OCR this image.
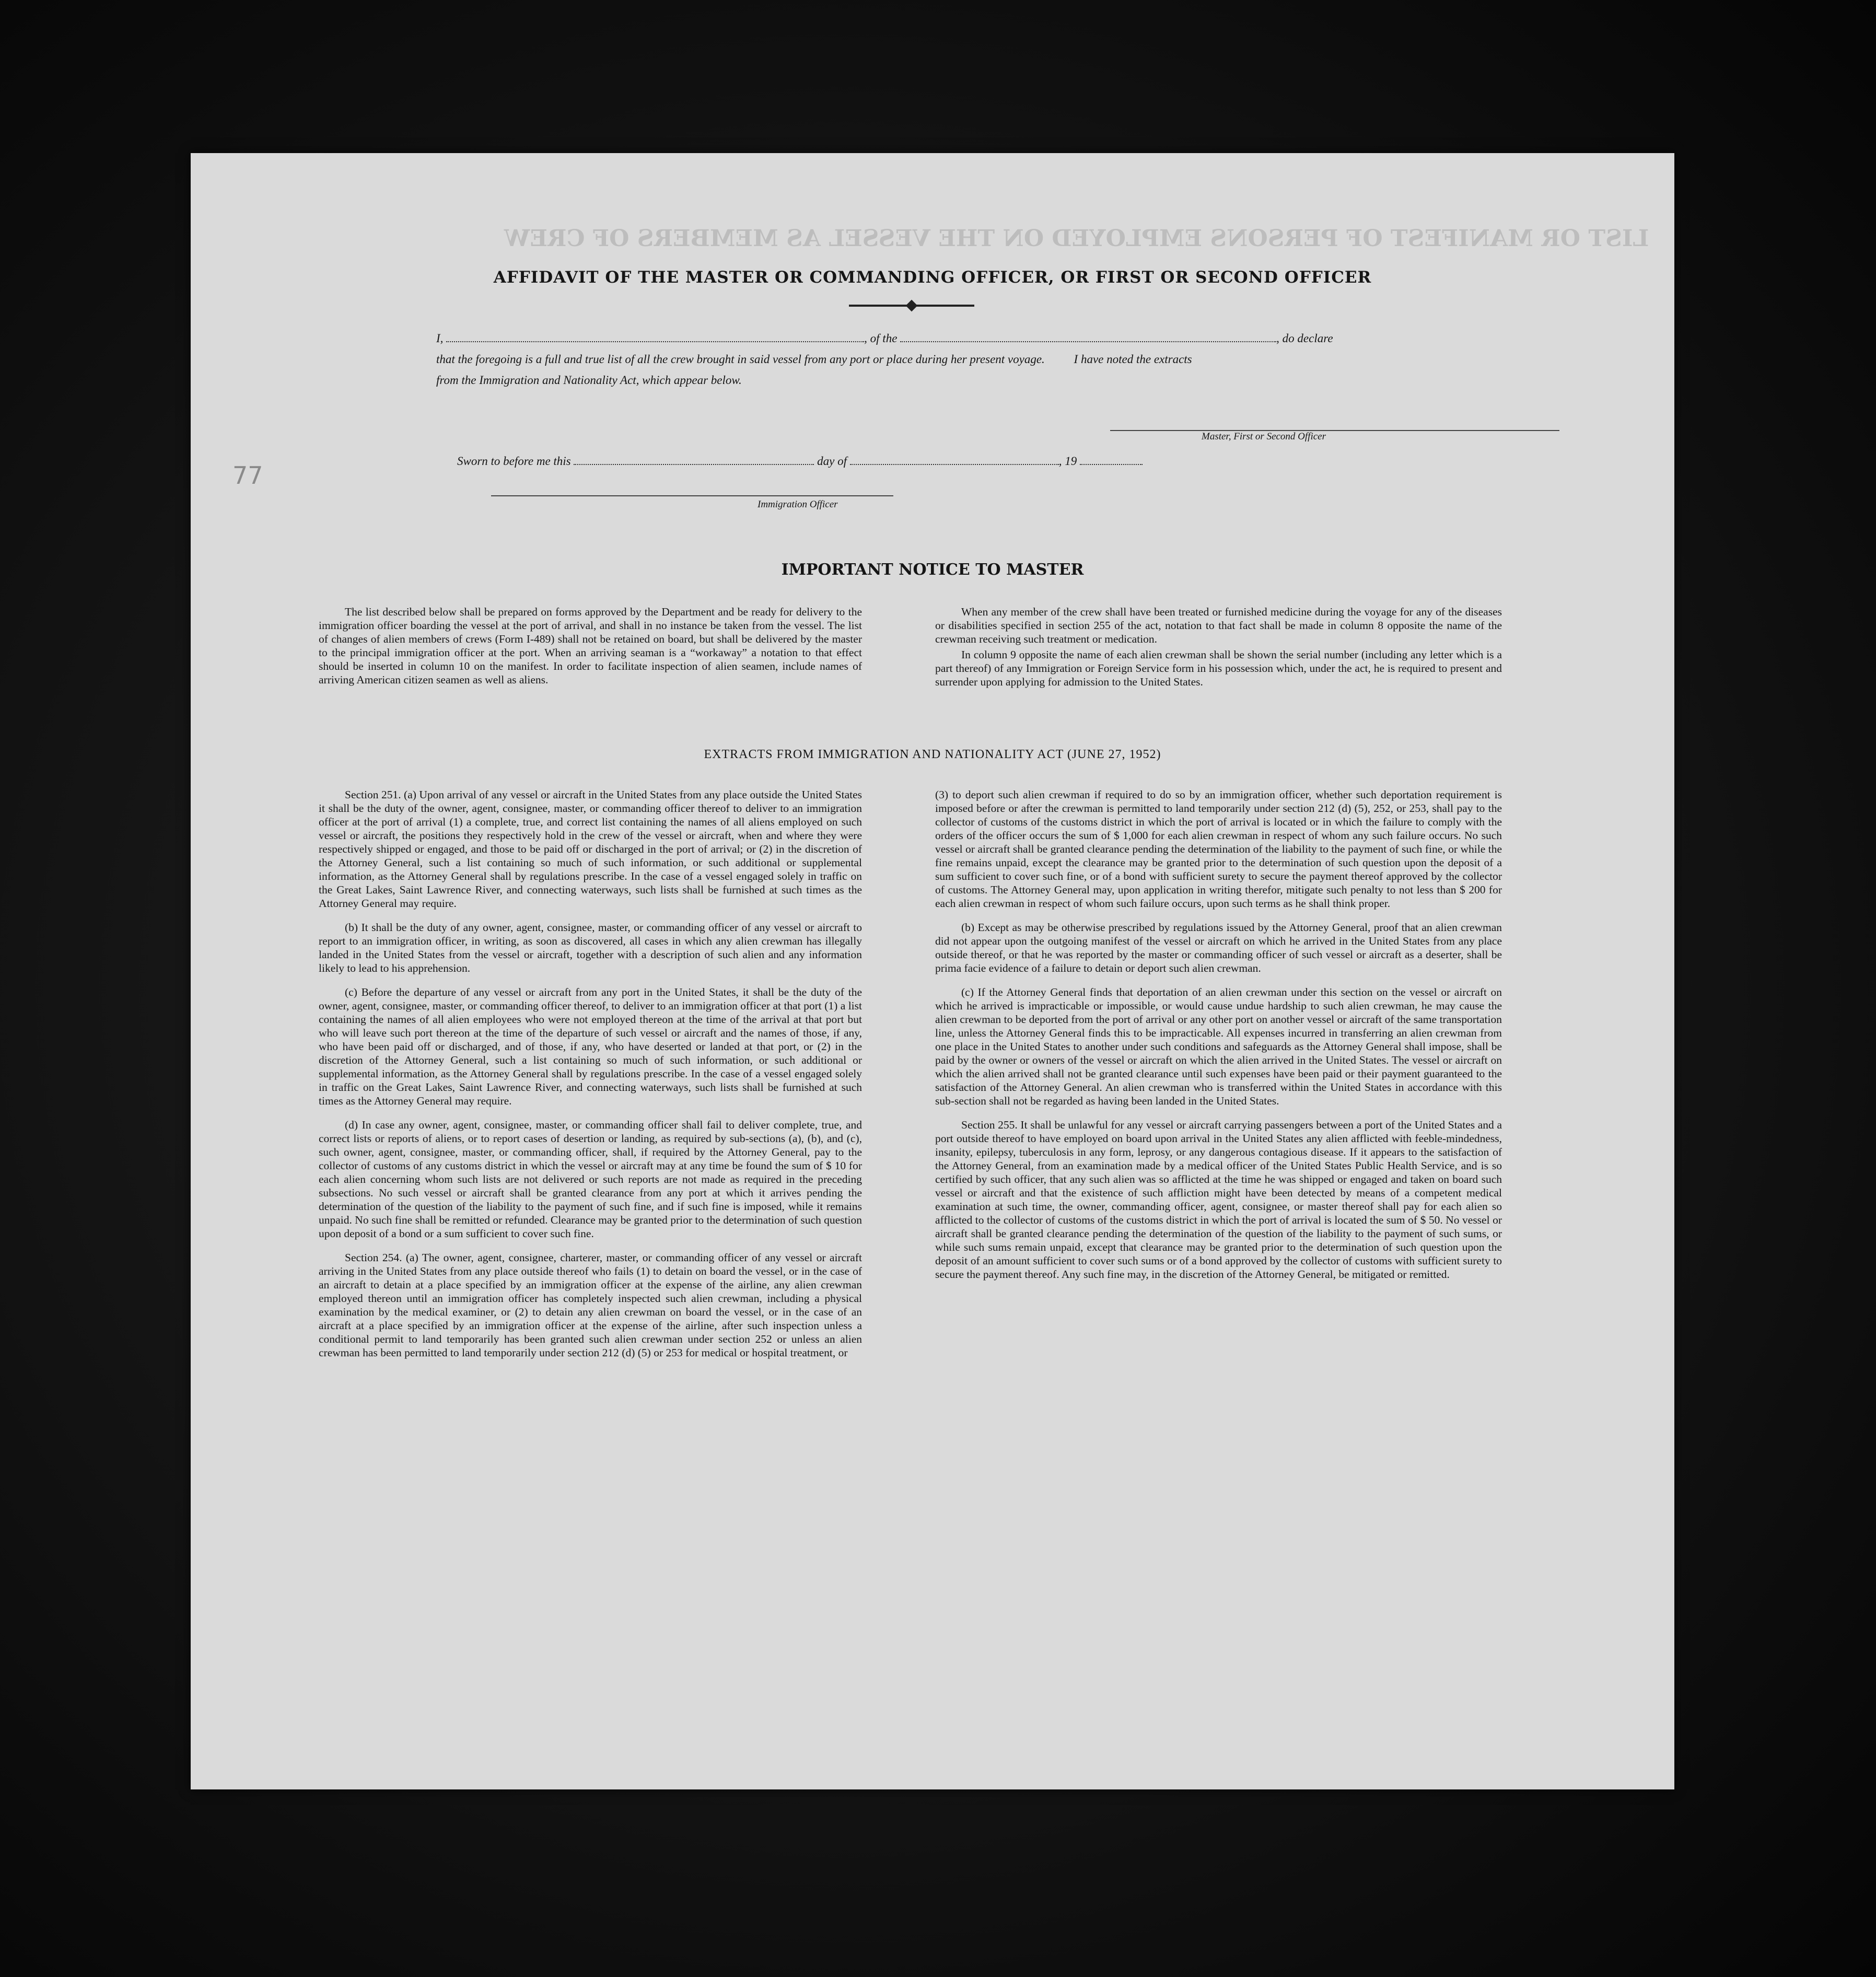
LIST OR MANIFEST OF PERSONS EMPLOYED ON THE VESSEL AS MEMBERS OF CREW
77
AFFIDAVIT OF THE MASTER OR COMMANDING OFFICER, OR FIRST OR SECOND OFFICER
I,	, of the	, do declare
that the foregoing is a full and true list of all the crew brought in said vessel from any port or place during her present voyage. I have noted the extracts
from the Immigration and Nationality Act, which appear below.
Master, First or Second Officer
Sworn to before me this	day of	, 19
Immigration Officer
IMPORTANT NOTICE TO MASTER

The list described below shall be prepared on forms approved by the Department and be ready for delivery to the immigration officer boarding the vessel at the port of arrival, and shall in no instance be taken from the vessel. The list of changes of alien members of crews (Form I-489) shall not be retained on board, but shall be delivered by the master to the principal immigration officer at the port. When an arriving seaman is a “workaway” a notation to that effect should be inserted in column 10 on the manifest. In order to facilitate inspection of alien seamen, include names of arriving American citizen seamen as well as aliens.

When any member of the crew shall have been treated or furnished medicine during the voyage for any of the diseases or disabilities specified in section 255 of the act, notation to that fact shall be made in column 8 opposite the name of the crewman receiving such treatment or medication.

In column 9 opposite the name of each alien crewman shall be shown the serial number (including any letter which is a part thereof) of any Immigration or Foreign Service form in his possession which, under the act, he is required to present and surrender upon applying for admission to the United States.

EXTRACTS FROM IMMIGRATION AND NATIONALITY ACT (JUNE 27, 1952)

Section 251. (a) Upon arrival of any vessel or aircraft in the United States from any place outside the United States it shall be the duty of the owner, agent, consignee, master, or commanding officer thereof to deliver to an immigration officer at the port of arrival (1) a complete, true, and correct list containing the names of all aliens employed on such vessel or aircraft, the positions they respectively hold in the crew of the vessel or aircraft, when and where they were respectively shipped or engaged, and those to be paid off or discharged in the port of arrival; or (2) in the discretion of the Attorney General, such a list containing so much of such information, or such additional or supplemental information, as the Attorney General shall by regulations prescribe. In the case of a vessel engaged solely in traffic on the Great Lakes, Saint Lawrence River, and connecting waterways, such lists shall be furnished at such times as the Attorney General may require.

(b) It shall be the duty of any owner, agent, consignee, master, or commanding officer of any vessel or aircraft to report to an immigration officer, in writing, as soon as discovered, all cases in which any alien crewman has illegally landed in the United States from the vessel or aircraft, together with a description of such alien and any information likely to lead to his apprehension.

(c) Before the departure of any vessel or aircraft from any port in the United States, it shall be the duty of the owner, agent, consignee, master, or commanding officer thereof, to deliver to an immigration officer at that port (1) a list containing the names of all alien employees who were not employed thereon at the time of the arrival at that port but who will leave such port thereon at the time of the departure of such vessel or aircraft and the names of those, if any, who have been paid off or discharged, and of those, if any, who have deserted or landed at that port, or (2) in the discretion of the Attorney General, such a list containing so much of such information, or such additional or supplemental information, as the Attorney General shall by regulations prescribe. In the case of a vessel engaged solely in traffic on the Great Lakes, Saint Lawrence River, and connecting waterways, such lists shall be furnished at such times as the Attorney General may require.

(d) In case any owner, agent, consignee, master, or commanding officer shall fail to deliver complete, true, and correct lists or reports of aliens, or to report cases of desertion or landing, as required by sub-sections (a), (b), and (c), such owner, agent, consignee, master, or commanding officer, shall, if required by the Attorney General, pay to the collector of customs of any customs district in which the vessel or aircraft may at any time be found the sum of $ 10 for each alien concerning whom such lists are not delivered or such reports are not made as required in the preceding subsections. No such vessel or aircraft shall be granted clearance from any port at which it arrives pending the determination of the question of the liability to the payment of such fine, and if such fine is imposed, while it remains unpaid. No such fine shall be remitted or refunded. Clearance may be granted prior to the determination of such question upon deposit of a bond or a sum sufficient to cover such fine.

Section 254. (a) The owner, agent, consignee, charterer, master, or commanding officer of any vessel or aircraft arriving in the United States from any place outside thereof who fails (1) to detain on board the vessel, or in the case of an aircraft to detain at a place specified by an immigration officer at the expense of the airline, any alien crewman employed thereon until an immigration officer has completely inspected such alien crewman, including a physical examination by the medical examiner, or (2) to detain any alien crewman on board the vessel, or in the case of an aircraft at a place specified by an immigration officer at the expense of the airline, after such inspection unless a conditional permit to land temporarily has been granted such alien crewman under section 252 or unless an alien crewman has been permitted to land temporarily under section 212 (d) (5) or 253 for medical or hospital treatment, or

(3) to deport such alien crewman if required to do so by an immigration officer, whether such deportation requirement is imposed before or after the crewman is permitted to land temporarily under section 212 (d) (5), 252, or 253, shall pay to the collector of customs of the customs district in which the port of arrival is located or in which the failure to comply with the orders of the officer occurs the sum of $ 1,000 for each alien crewman in respect of whom any such failure occurs. No such vessel or aircraft shall be granted clearance pending the determination of the liability to the payment of such fine, or while the fine remains unpaid, except the clearance may be granted prior to the determination of such question upon the deposit of a sum sufficient to cover such fine, or of a bond with sufficient surety to secure the payment thereof approved by the collector of customs. The Attorney General may, upon application in writing therefor, mitigate such penalty to not less than $ 200 for each alien crewman in respect of whom such failure occurs, upon such terms as he shall think proper.

(b) Except as may be otherwise prescribed by regulations issued by the Attorney General, proof that an alien crewman did not appear upon the outgoing manifest of the vessel or aircraft on which he arrived in the United States from any place outside thereof, or that he was reported by the master or commanding officer of such vessel or aircraft as a deserter, shall be prima facie evidence of a failure to detain or deport such alien crewman.

(c) If the Attorney General finds that deportation of an alien crewman under this section on the vessel or aircraft on which he arrived is impracticable or impossible, or would cause undue hardship to such alien crewman, he may cause the alien crewman to be deported from the port of arrival or any other port on another vessel or aircraft of the same transportation line, unless the Attorney General finds this to be impracticable. All expenses incurred in transferring an alien crewman from one place in the United States to another under such conditions and safeguards as the Attorney General shall impose, shall be paid by the owner or owners of the vessel or aircraft on which the alien arrived in the United States. The vessel or aircraft on which the alien arrived shall not be granted clearance until such expenses have been paid or their payment guaranteed to the satisfaction of the Attorney General. An alien crewman who is transferred within the United States in accordance with this sub-section shall not be regarded as having been landed in the United States.

Section 255. It shall be unlawful for any vessel or aircraft carrying passengers between a port of the United States and a port outside thereof to have employed on board upon arrival in the United States any alien afflicted with feeble-mindedness, insanity, epilepsy, tuberculosis in any form, leprosy, or any dangerous contagious disease. If it appears to the satisfaction of the Attorney General, from an examination made by a medical officer of the United States Public Health Service, and is so certified by such officer, that any such alien was so afflicted at the time he was shipped or engaged and taken on board such vessel or aircraft and that the existence of such affliction might have been detected by means of a competent medical examination at such time, the owner, commanding officer, agent, consignee, or master thereof shall pay for each alien so afflicted to the collector of customs of the customs district in which the port of arrival is located the sum of $ 50. No vessel or aircraft shall be granted clearance pending the determination of the question of the liability to the payment of such sums, or while such sums remain unpaid, except that clearance may be granted prior to the determination of such question upon the deposit of an amount sufficient to cover such sums or of a bond approved by the collector of customs with sufficient surety to secure the payment thereof. Any such fine may, in the discretion of the Attorney General, be mitigated or remitted.
